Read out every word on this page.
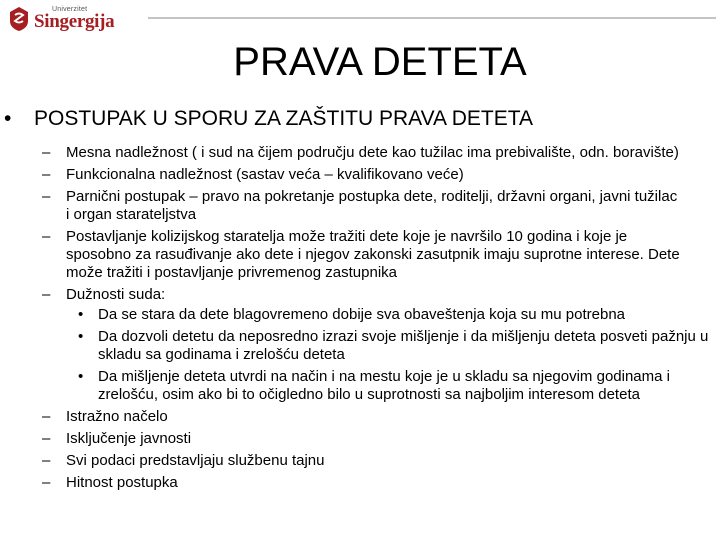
Univerzitet
Singergija
PRAVA DETETA
• POSTUPAK U SPORU ZA ZAŠTITU PRAVA DETETA
– Mesna nadležnost ( i sud na čijem području dete kao tužilac ima prebivalište, odn. boravište)
– Funkcionalna nadležnost (sastav veća – kvalifikovano veće)
– Parnični postupak – pravo na pokretanje postupka dete, roditelji, državni organi, javni tužilac i organ starateljstva
– Postavljanje kolizijskog staratelja može tražiti dete koje je navršilo 10 godina i koje je sposobno za rasuđivanje ako dete i njegov zakonski zasutpnik imaju suprotne interese. Dete može tražiti i postavljanje privremenog zastupnika
– Dužnosti suda:
• Da se stara da dete blagovremeno dobije sva obaveštenja koja su mu potrebna
• Da dozvoli detetu da neposredno izrazi svoje mišljenje i da mišljenju deteta posveti pažnju u skladu sa godinama i zrelošću deteta
• Da mišljenje deteta utvrdi na način i na mestu koje je u skladu sa njegovim godinama i zrelošću, osim ako bi to očigledno bilo u suprotnosti sa najboljim interesom deteta
– Istražno načelo
– Isključenje javnosti
– Svi podaci predstavljaju službenu tajnu
– Hitnost postupka
